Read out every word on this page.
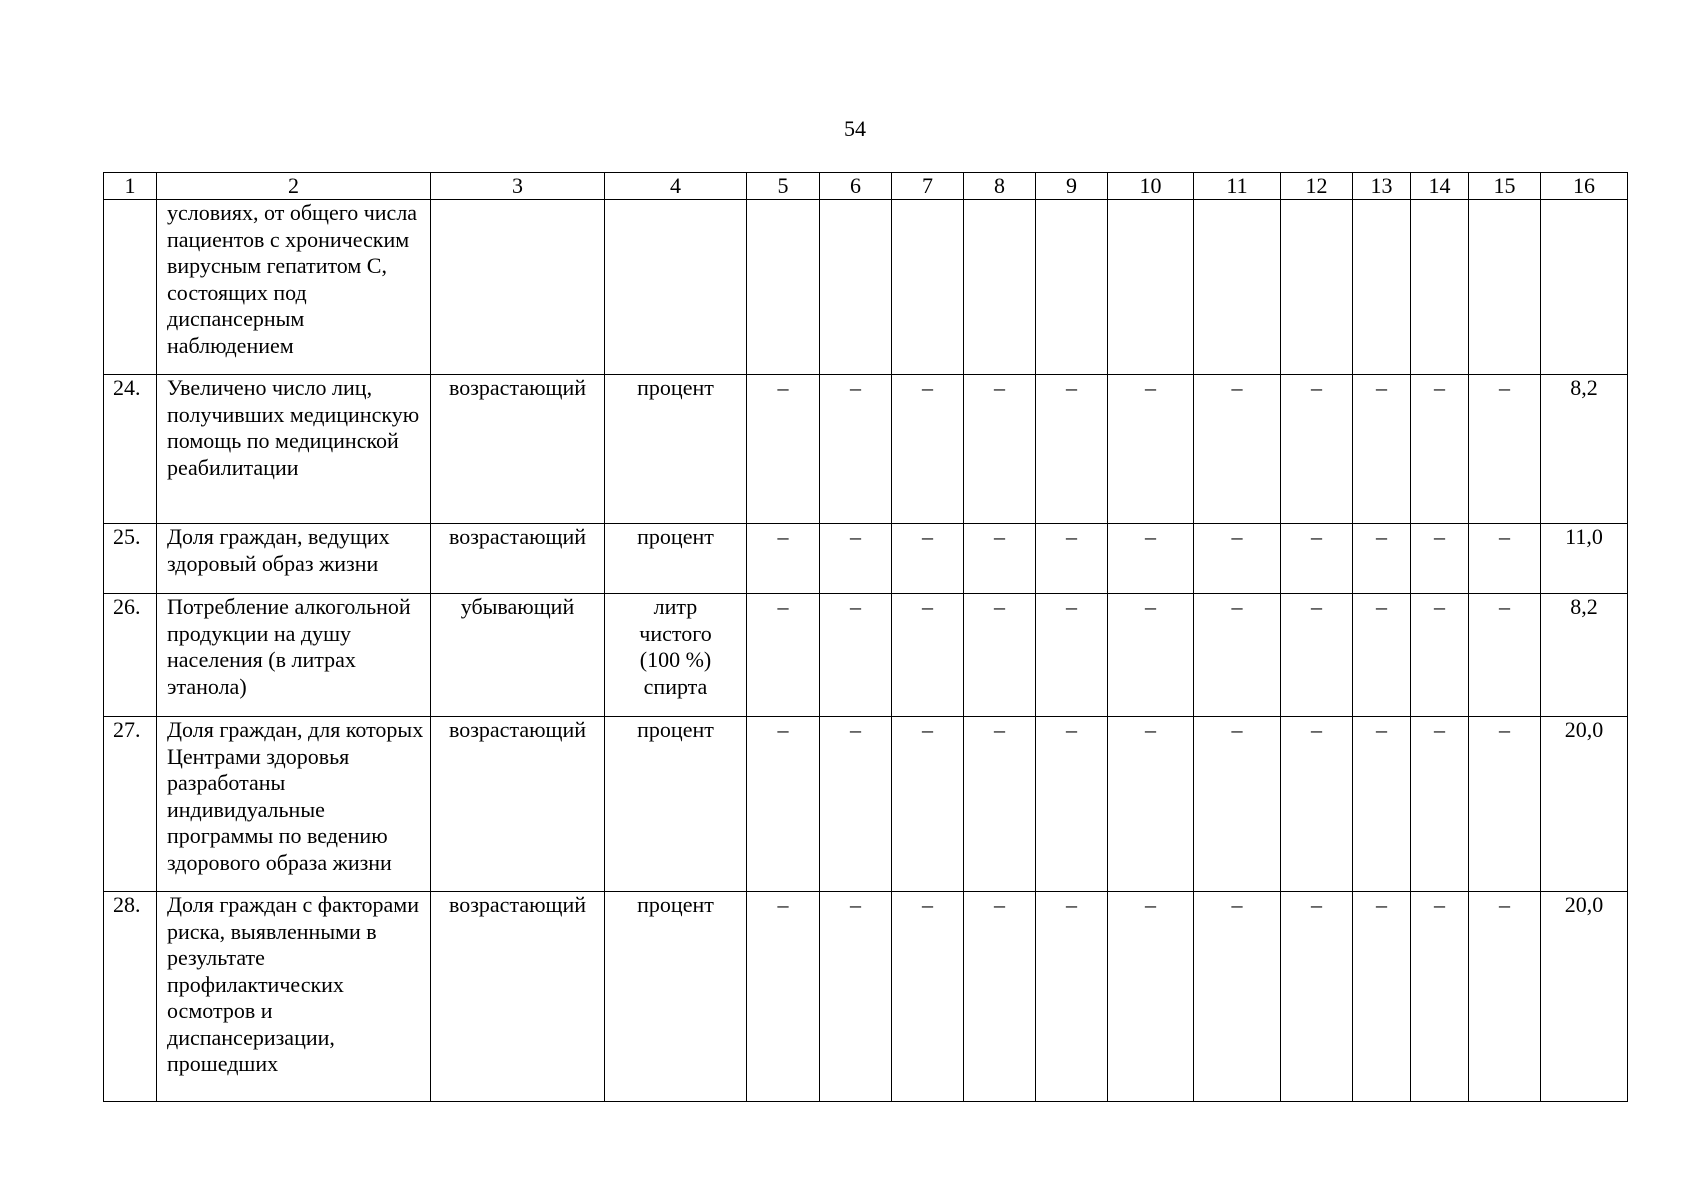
54
1	2	3	4	5	6	7	8	9	10	11	12	13	14	15	16
	условиях, от общего числа пациентов с хроническим вирусным гепатитом С, состоящих под диспансерным наблюдением														
24.	Увеличено число лиц, получивших медицинскую помощь по медицинской реабилитации	возрастающий	процент	–	–	–	–	–	–	–	–	–	–	–	8,2
25.	Доля граждан, ведущих здоровый образ жизни	возрастающий	процент	–	–	–	–	–	–	–	–	–	–	–	11,0
26.	Потребление алкогольной продукции на душу населения (в литрах этанола)	убывающий	литр чистого (100 %) спирта	–	–	–	–	–	–	–	–	–	–	–	8,2
27.	Доля граждан, для которых Центрами здоровья разработаны индивидуальные программы по ведению здорового образа жизни	возрастающий	процент	–	–	–	–	–	–	–	–	–	–	–	20,0
28.	Доля граждан с факторами риска, выявленными в результате профилактических осмотров и диспансеризации, прошедших	возрастающий	процент	–	–	–	–	–	–	–	–	–	–	–	20,0
